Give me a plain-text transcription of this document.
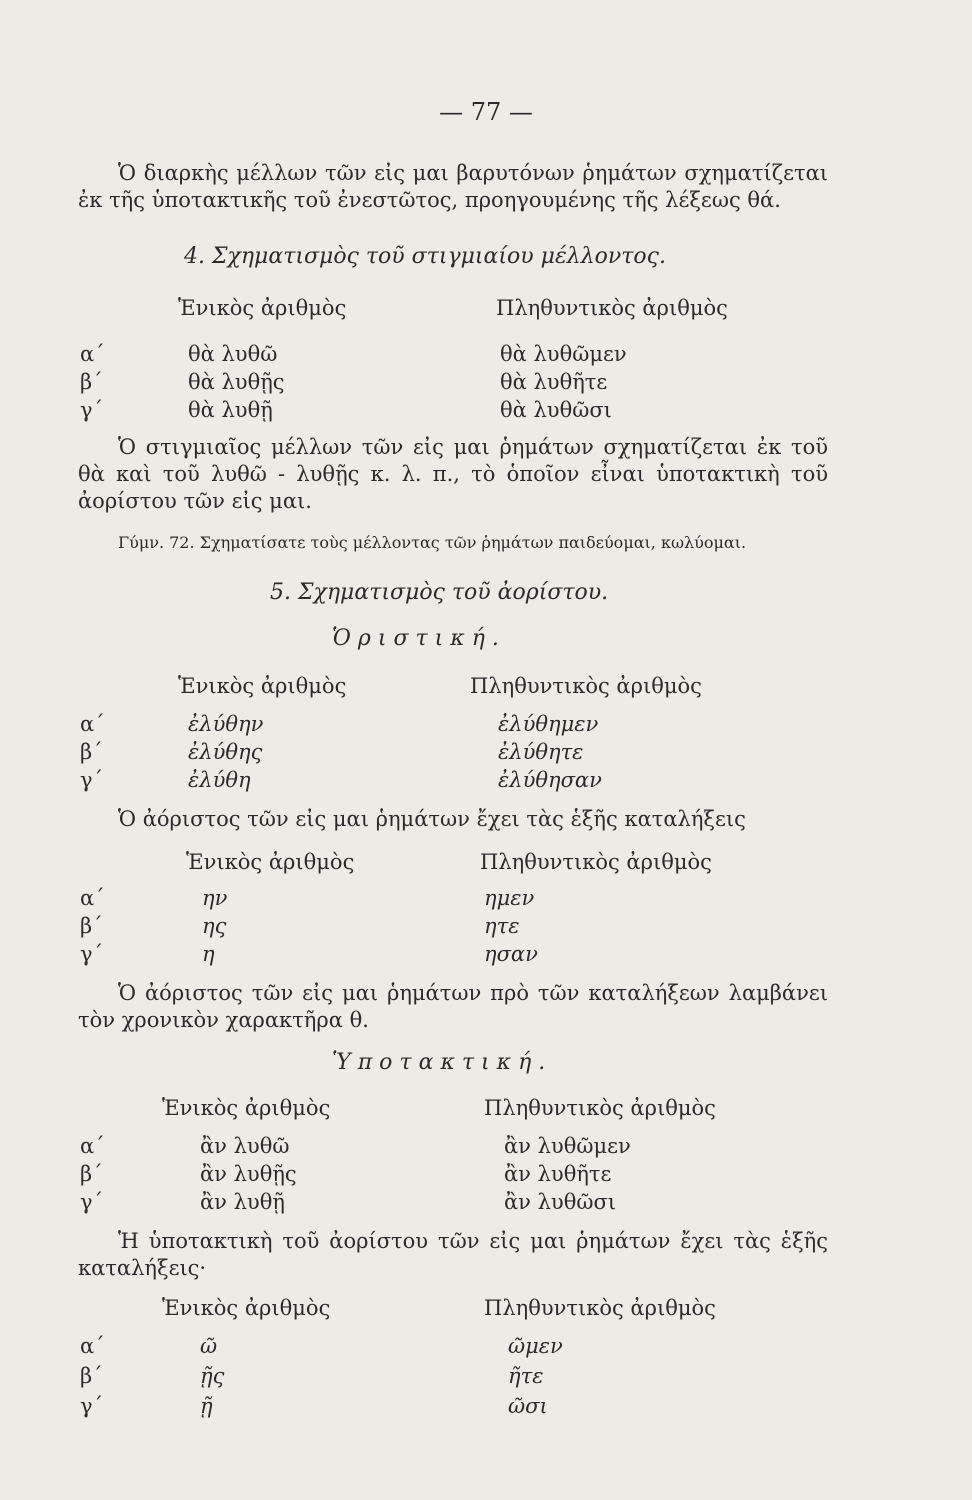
— 77 —
Ὁ διαρκὴς μέλλων τῶν εἰς μαι βαρυτόνων ῥημάτων σχηματίζεται ἐκ τῆς ὑποτακτικῆς τοῦ ἐνεστῶτος, προηγουμένης τῆς λέξεως θά.
4. Σχηματισμὸς τοῦ στιγμιαίου μέλλοντος.
Ἑνικὸς ἀριθμὸς	Πληθυντικὸς ἀριθμὸς
α΄	θὰ λυθῶ	θὰ λυθῶμεν
β΄	θὰ λυθῇς	θὰ λυθῆτε
γ΄	θὰ λυθῇ	θὰ λυθῶσι
Ὁ στιγμιαῖος μέλλων τῶν εἰς μαι ῥημάτων σχηματίζεται ἐκ τοῦ θὰ καὶ τοῦ λυθῶ - λυθῇς κ. λ. π., τὸ ὁποῖον εἶναι ὑποτακτικὴ τοῦ ἀορίστου τῶν εἰς μαι.
Γύμν. 72. Σχηματίσατε τοὺς μέλλοντας τῶν ῥημάτων παιδεύομαι, κωλύομαι.
5. Σχηματισμὸς τοῦ ἀορίστου.
Ὁριστική.
Ἑνικὸς ἀριθμὸς	Πληθυντικὸς ἀριθμὸς
α΄	ἐλύθην	ἐλύθημεν
β΄	ἐλύθης	ἐλύθητε
γ΄	ἐλύθη	ἐλύθησαν
Ὁ ἀόριστος τῶν εἰς μαι ῥημάτων ἔχει τὰς ἑξῆς καταλήξεις
Ἑνικὸς ἀριθμὸς	Πληθυντικὸς ἀριθμὸς
α΄	ην	ημεν
β΄	ης	ητε
γ΄	η	ησαν
Ὁ ἀόριστος τῶν εἰς μαι ῥημάτων πρὸ τῶν καταλήξεων λαμβάνει τὸν χρονικὸν χαρακτῆρα θ.
Ὑποτακτική.
Ἑνικὸς ἀριθμὸς	Πληθυντικὸς ἀριθμὸς
α΄	ἂν λυθῶ	ἂν λυθῶμεν
β΄	ἂν λυθῇς	ἂν λυθῆτε
γ΄	ἂν λυθῇ	ἂν λυθῶσι
Ἡ ὑποτακτικὴ τοῦ ἀορίστου τῶν εἰς μαι ῥημάτων ἔχει τὰς ἑξῆς καταλήξεις·
Ἑνικὸς ἀριθμὸς	Πληθυντικὸς ἀριθμὸς
α΄	ῶ	ῶμεν
β΄	ῇς	ῆτε
γ΄	ῇ	ῶσι
